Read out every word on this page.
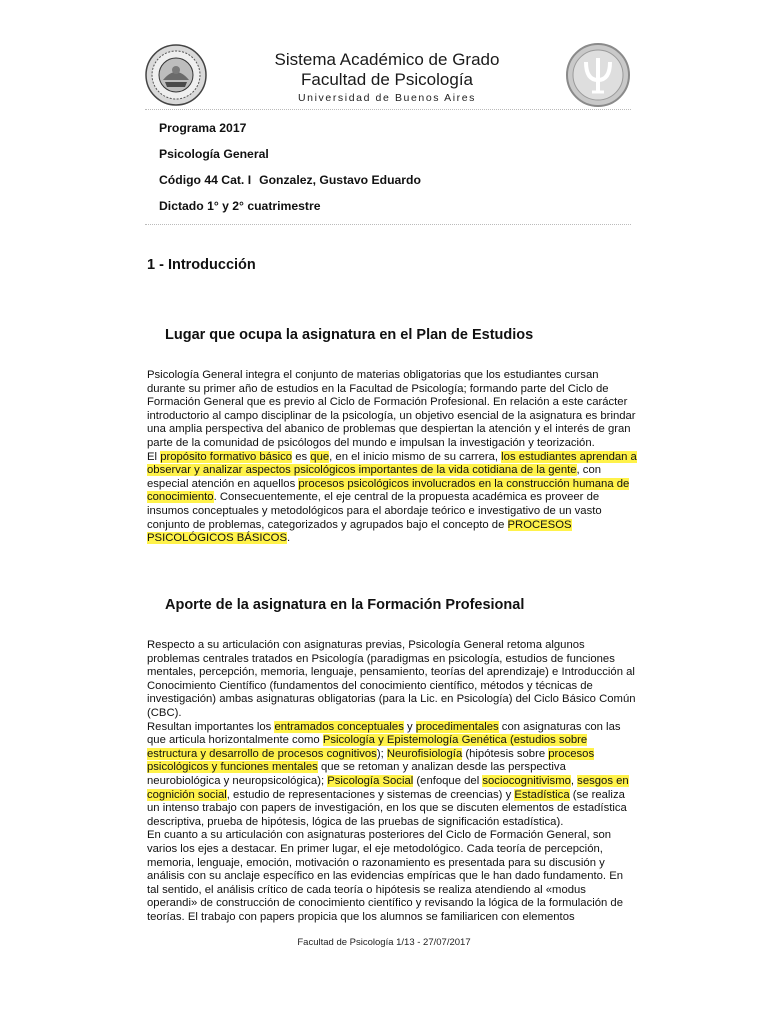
Sistema Académico de Grado
Facultad de Psicología
Universidad de Buenos Aires
Programa 2017
Psicología General
Código 44 Cat. I Gonzalez, Gustavo Eduardo
Dictado 1° y 2° cuatrimestre
1 - Introducción
Lugar que ocupa la asignatura en el Plan de Estudios

Psicología General integra el conjunto de materias obligatorias que los estudiantes cursan durante su primer año de estudios en la Facultad de Psicología; formando parte del Ciclo de Formación General que es previo al Ciclo de Formación Profesional. En relación a este carácter introductorio al campo disciplinar de la psicología, un objetivo esencial de la asignatura es brindar una amplia perspectiva del abanico de problemas que despiertan la atención y el interés de gran parte de la comunidad de psicólogos del mundo e impulsan la investigación y teorización.

El propósito formativo básico es que, en el inicio mismo de su carrera, los estudiantes aprendan a observar y analizar aspectos psicológicos importantes de la vida cotidiana de la gente, con especial atención en aquellos procesos psicológicos involucrados en la construcción humana de conocimiento. Consecuentemente, el eje central de la propuesta académica es proveer de insumos conceptuales y metodológicos para el abordaje teórico e investigativo de un vasto conjunto de problemas, categorizados y agrupados bajo el concepto de PROCESOS PSICOLÓGICOS BÁSICOS.

Aporte de la asignatura en la Formación Profesional

Respecto a su articulación con asignaturas previas, Psicología General retoma algunos problemas centrales tratados en Psicología (paradigmas en psicología, estudios de funciones mentales, percepción, memoria, lenguaje, pensamiento, teorías del aprendizaje) e Introducción al Conocimiento Científico (fundamentos del conocimiento científico, métodos y técnicas de investigación) ambas asignaturas obligatorias (para la Lic. en Psicología) del Ciclo Básico Común (CBC).

Resultan importantes los entramados conceptuales y procedimentales con asignaturas con las que articula horizontalmente como Psicología y Epistemología Genética (estudios sobre estructura y desarrollo de procesos cognitivos); Neurofisiología (hipótesis sobre procesos psicológicos y funciones mentales que se retoman y analizan desde las perspectiva neurobiológica y neuropsicológica); Psicología Social (enfoque del sociocognitivismo, sesgos en cognición social, estudio de representaciones y sistemas de creencias) y Estadística (se realiza un intenso trabajo con papers de investigación, en los que se discuten elementos de estadística descriptiva, prueba de hipótesis, lógica de las pruebas de significación estadística).

En cuanto a su articulación con asignaturas posteriores del Ciclo de Formación General, son varios los ejes a destacar. En primer lugar, el eje metodológico. Cada teoría de percepción, memoria, lenguaje, emoción, motivación o razonamiento es presentada para su discusión y análisis con su anclaje específico en las evidencias empíricas que le han dado fundamento. En tal sentido, el análisis crítico de cada teoría o hipótesis se realiza atendiendo al «modus operandi» de construcción de conocimiento científico y revisando la lógica de la formulación de teorías. El trabajo con papers propicia que los alumnos se familiaricen con elementos

Facultad de Psicología 1/13 - 27/07/2017
